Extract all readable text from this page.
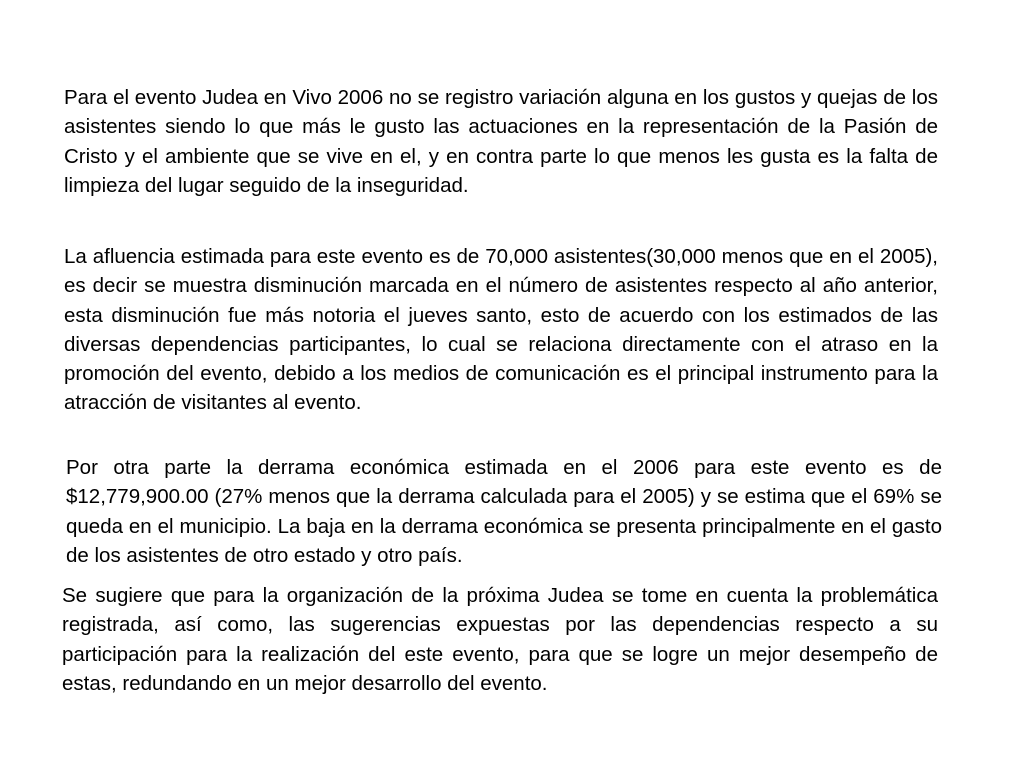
Para el evento Judea en Vivo 2006 no se registro variación alguna en los gustos y quejas de los asistentes siendo lo que más le gusto las actuaciones en la representación de la Pasión de Cristo y el ambiente que se vive en el, y en contra parte lo que menos les gusta es la falta de limpieza del lugar seguido de la inseguridad.

La afluencia estimada para este evento es de 70,000 asistentes(30,000 menos que en el 2005), es decir se muestra disminución marcada en el número de asistentes respecto al año anterior, esta disminución fue más notoria el jueves santo, esto de acuerdo con los estimados de las diversas dependencias participantes, lo cual se relaciona directamente con el atraso en la promoción del evento, debido a los medios de comunicación es el principal instrumento para la atracción de visitantes al evento.

Por otra parte la derrama económica estimada en el 2006 para este evento es de $12,779,900.00 (27% menos que la derrama calculada para el 2005) y se estima que el 69% se queda en el municipio. La baja en la derrama económica se presenta principalmente en el gasto de los asistentes de otro estado y otro país.

Se sugiere que para la organización de la próxima Judea se tome en cuenta la problemática registrada, así como, las sugerencias expuestas por las dependencias respecto a su  participación para la realización del este evento, para que se logre un mejor desempeño de estas, redundando en un mejor desarrollo del evento.
